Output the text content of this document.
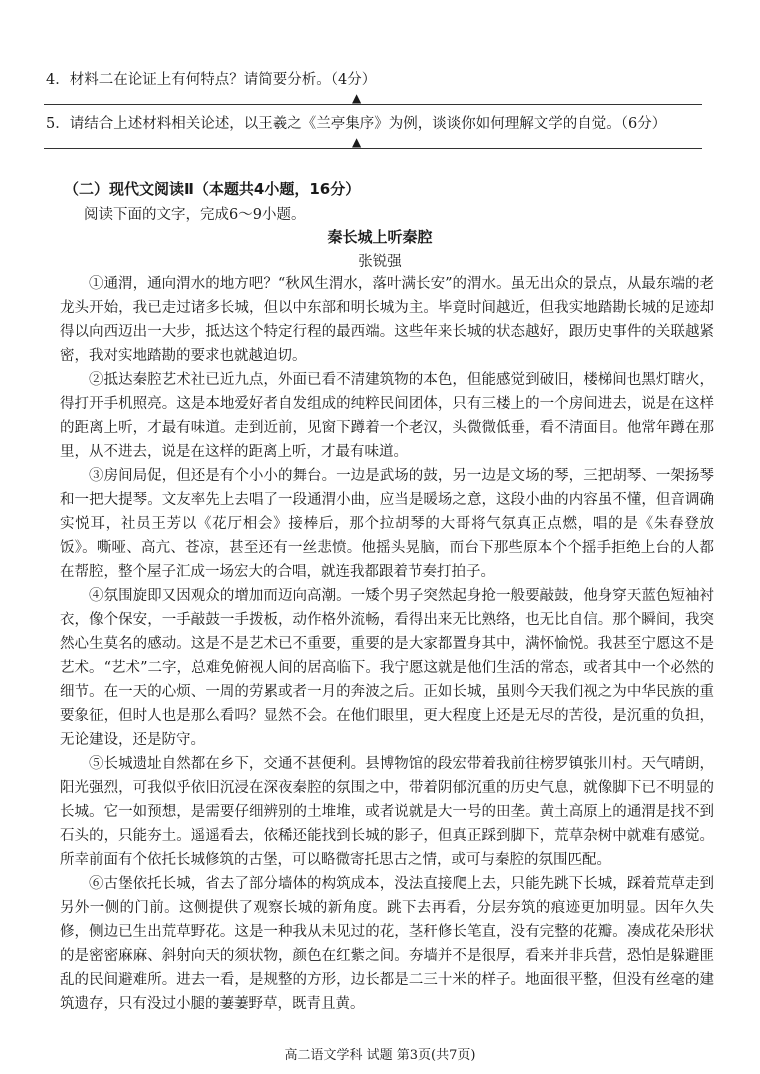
4．材料二在论证上有何特点？请简要分析。（4分）
▲
5．请结合上述材料相关论述，以王羲之《兰亭集序》为例，谈谈你如何理解文学的自觉。（6分）
▲
（二）现代文阅读Ⅱ（本题共4小题，16分）
阅读下面的文字，完成6～9小题。
秦长城上听秦腔
张锐强

①通渭，通向渭水的地方吧？“秋风生渭水，落叶满长安”的渭水。虽无出众的景点，从最东端的老龙头开始，我已走过诸多长城，但以中东部和明长城为主。毕竟时间越近，但我实地踏勘长城的足迹却得以向西迈出一大步，抵达这个特定行程的最西端。这些年来长城的状态越好，跟历史事件的关联越紧密，我对实地踏勘的要求也就越迫切。

②抵达秦腔艺术社已近九点，外面已看不清建筑物的本色，但能感觉到破旧，楼梯间也黑灯瞎火，得打开手机照亮。这是本地爱好者自发组成的纯粹民间团体，只有三楼上的一个房间进去，说是在这样的距离上听，才最有味道。走到近前，见窗下蹲着一个老汉，头微微低垂，看不清面目。他常年蹲在那里，从不进去，说是在这样的距离上听，才最有味道。

③房间局促，但还是有个小小的舞台。一边是武场的鼓，另一边是文场的琴，三把胡琴、一架扬琴和一把大提琴。文友率先上去唱了一段通渭小曲，应当是暖场之意，这段小曲的内容虽不懂，但音调确实悦耳，社员王芳以《花厅相会》接棒后，那个拉胡琴的大哥将气氛真正点燃，唱的是《朱春登放饭》。嘶哑、高亢、苍凉，甚至还有一丝悲愤。他摇头晃脑，而台下那些原本个个摇手拒绝上台的人都在帮腔，整个屋子汇成一场宏大的合唱，就连我都跟着节奏打拍子。

④氛围旋即又因观众的增加而迈向高潮。一矮个男子突然起身抢一般要敲鼓，他身穿天蓝色短袖衬衣，像个保安，一手敲鼓一手拨板，动作格外流畅，看得出来无比熟络，也无比自信。那个瞬间，我突然心生莫名的感动。这是不是艺术已不重要，重要的是大家都置身其中，满怀愉悦。我甚至宁愿这不是艺术。“艺术”二字，总难免俯视人间的居高临下。我宁愿这就是他们生活的常态，或者其中一个必然的细节。在一天的心烦、一周的劳累或者一月的奔波之后。正如长城，虽则今天我们视之为中华民族的重要象征，但时人也是那么看吗？显然不会。在他们眼里，更大程度上还是无尽的苦役，是沉重的负担，无论建设，还是防守。

⑤长城遗址自然都在乡下，交通不甚便利。县博物馆的段宏带着我前往榜罗镇张川村。天气晴朗，阳光强烈，可我似乎依旧沉浸在深夜秦腔的氛围之中，带着阴郁沉重的历史气息，就像脚下已不明显的长城。它一如预想，是需要仔细辨别的土堆堆，或者说就是大一号的田垄。黄土高原上的通渭是找不到石头的，只能夯土。遥遥看去，依稀还能找到长城的影子，但真正踩到脚下，荒草杂树中就难有感觉。所幸前面有个依托长城修筑的古堡，可以略微寄托思古之情，或可与秦腔的氛围匹配。

⑥古堡依托长城，省去了部分墙体的构筑成本，没法直接爬上去，只能先跳下长城，踩着荒草走到另外一侧的门前。这侧提供了观察长城的新角度。跳下去再看，分层夯筑的痕迹更加明显。因年久失修，侧边已生出荒草野花。这是一种我从未见过的花，茎秆修长笔直，没有完整的花瓣。凑成花朵形状的是密密麻麻、斜射向天的须状物，颜色在红紫之间。夯墙并不是很厚，看来并非兵营，恐怕是躲避匪乱的民间避难所。进去一看，是规整的方形，边长都是二三十米的样子。地面很平整，但没有丝毫的建筑遗存，只有没过小腿的萋萋野草，既青且黄。

高二语文学科 试题 第3页(共7页)
